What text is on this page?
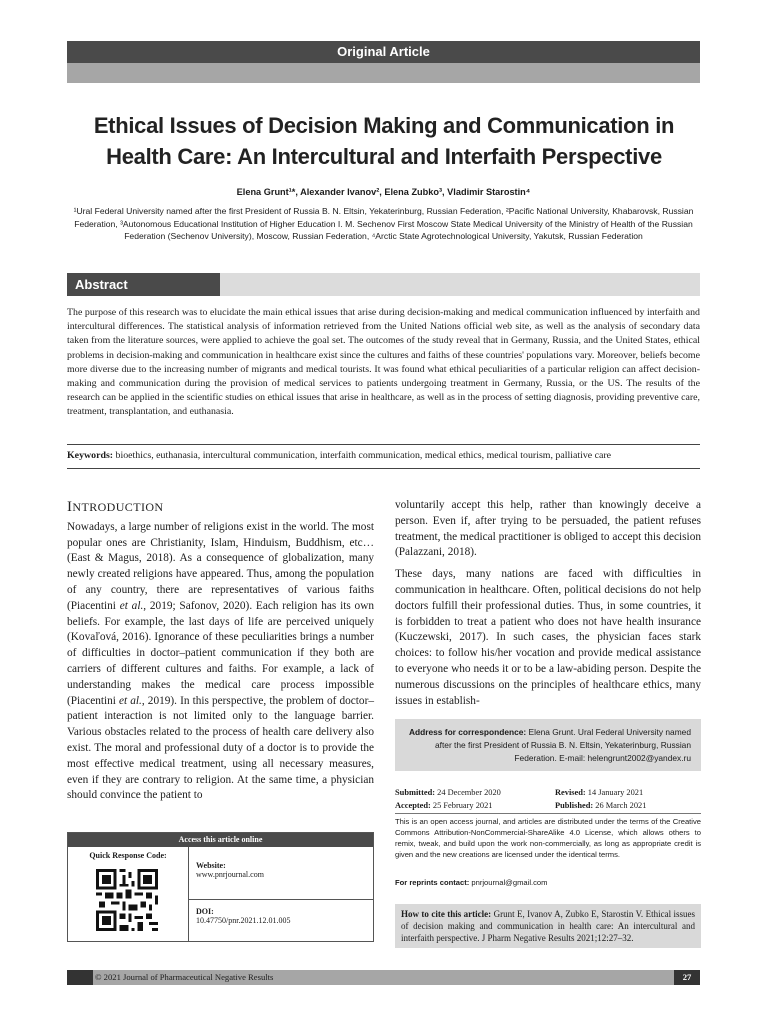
Original Article
Ethical Issues of Decision Making and Communication in Health Care: An Intercultural and Interfaith Perspective
Elena Grunt¹*, Alexander Ivanov², Elena Zubko³, Vladimir Starostin⁴
¹Ural Federal University named after the first President of Russia B. N. Eltsin, Yekaterinburg, Russian Federation, ²Pacific National University, Khabarovsk, Russian Federation, ³Autonomous Educational Institution of Higher Education I. M. Sechenov First Moscow State Medical University of the Ministry of Health of the Russian Federation (Sechenov University), Moscow, Russian Federation, ⁴Arctic State Agrotechnological University, Yakutsk, Russian Federation
Abstract
The purpose of this research was to elucidate the main ethical issues that arise during decision-making and medical communication influenced by interfaith and intercultural differences. The statistical analysis of information retrieved from the United Nations official web site, as well as the analysis of secondary data taken from the literature sources, were applied to achieve the goal set. The outcomes of the study reveal that in Germany, Russia, and the United States, ethical problems in decision-making and communication in healthcare exist since the cultures and faiths of these countries' populations vary. Moreover, beliefs become more diverse due to the increasing number of migrants and medical tourists. It was found what ethical peculiarities of a particular religion can affect decision-making and communication during the provision of medical services to patients undergoing treatment in Germany, Russia, or the US. The results of the research can be applied in the scientific studies on ethical issues that arise in healthcare, as well as in the process of setting diagnosis, providing preventive care, treatment, transplantation, and euthanasia.
Keywords: bioethics, euthanasia, intercultural communication, interfaith communication, medical ethics, medical tourism, palliative care
INTRODUCTION

Nowadays, a large number of religions exist in the world. The most popular ones are Christianity, Islam, Hinduism, Buddhism, etc… (East & Magus, 2018). As a consequence of globalization, many newly created religions have appeared. Thus, among the population of any country, there are representatives of various faiths (Piacentini et al., 2019; Safonov, 2020). Each religion has its own beliefs. For example, the last days of life are perceived uniquely (Kovaľová, 2016). Ignorance of these peculiarities brings a number of difficulties in doctor–patient communication if they both are carriers of different cultures and faiths. For example, a lack of understanding makes the medical care process impossible (Piacentini et al., 2019). In this perspective, the problem of doctor–patient interaction is not limited only to the language barrier. Various obstacles related to the process of health care delivery also exist. The moral and professional duty of a doctor is to provide the most effective medical treatment, using all necessary measures, even if they are contrary to religion. At the same time, a physician should convince the patient to

voluntarily accept this help, rather than knowingly deceive a person. Even if, after trying to be persuaded, the patient refuses treatment, the medical practitioner is obliged to accept this decision (Palazzani, 2018).

These days, many nations are faced with difficulties in communication in healthcare. Often, political decisions do not help doctors fulfill their professional duties. Thus, in some countries, it is forbidden to treat a patient who does not have health insurance (Kuczewski, 2017). In such cases, the physician faces stark choices: to follow his/her vocation and provide medical assistance to everyone who needs it or to be a law-abiding person. Despite the numerous discussions on the principles of healthcare ethics, many issues in establish-

Access this article online
Quick Response Code:
Website:
www.pnrjournal.com
DOI:
10.47750/pnr.2021.12.01.005
Address for correspondence: Elena Grunt. Ural Federal University named after the first President of Russia B. N. Eltsin, Yekaterinburg, Russian Federation. E-mail: helengrunt2002@yandex.ru
Submitted: 24 December 2020	Revised: 14 January 2021
Accepted: 25 February 2021	Published: 26 March 2021
This is an open access journal, and articles are distributed under the terms of the Creative Commons Attribution-NonCommercial-ShareAlike 4.0 License, which allows others to remix, tweak, and build upon the work non-commercially, as long as appropriate credit is given and the new creations are licensed under the identical terms.
For reprints contact: pnrjournal@gmail.com
How to cite this article: Grunt E, Ivanov A, Zubko E, Starostin V. Ethical issues of decision making and communication in health care: An intercultural and interfaith perspective. J Pharm Negative Results 2021;12:27–32.
© 2021 Journal of Pharmaceutical Negative Results	27
